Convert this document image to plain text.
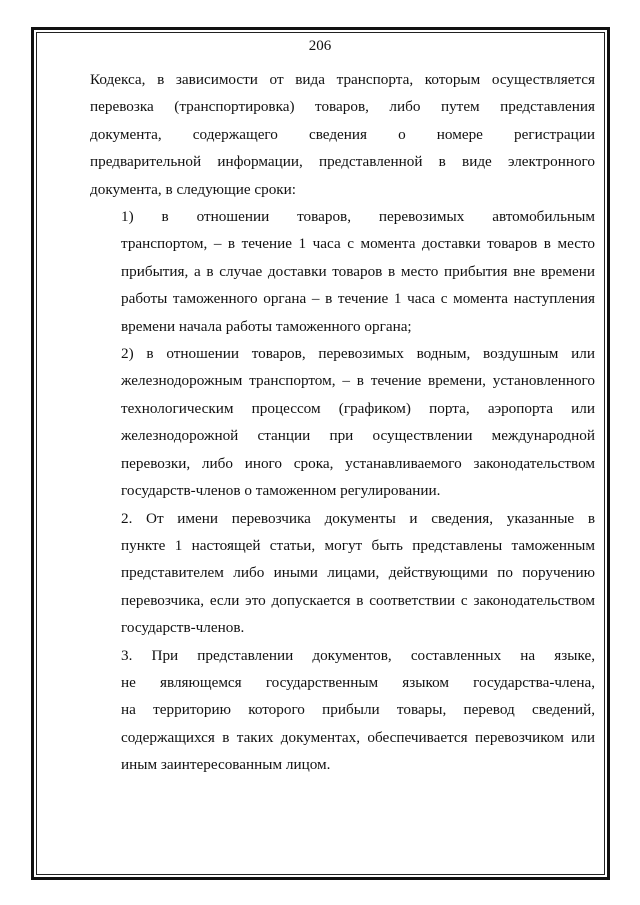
206
Кодекса, в зависимости от вида транспорта, которым осуществляется
перевозка (транспортировка) товаров, либо путем представления
документа, содержащего сведения о номере регистрации
предварительной информации, представленной в виде электронного
документа, в следующие сроки:
1) в отношении товаров, перевозимых автомобильным
транспортом, – в течение 1 часа с момента доставки товаров в место
прибытия, а в случае доставки товаров в место прибытия вне времени
работы таможенного органа – в течение 1 часа с момента наступления
времени начала работы таможенного органа;
2) в отношении товаров, перевозимых водным, воздушным или
железнодорожным транспортом, – в течение времени, установленного
технологическим процессом (графиком) порта, аэропорта или
железнодорожной станции при осуществлении международной
перевозки, либо иного срока, устанавливаемого законодательством
государств-членов о таможенном регулировании.
2. От имени перевозчика документы и сведения, указанные в
пункте 1 настоящей статьи, могут быть представлены таможенным
представителем либо иными лицами, действующими по поручению
перевозчика, если это допускается в соответствии с законодательством
государств-членов.
3. При представлении документов, составленных на языке,
не являющемся государственным языком государства-члена,
на территорию которого прибыли товары, перевод сведений,
содержащихся в таких документах, обеспечивается перевозчиком или
иным заинтересованным лицом.
